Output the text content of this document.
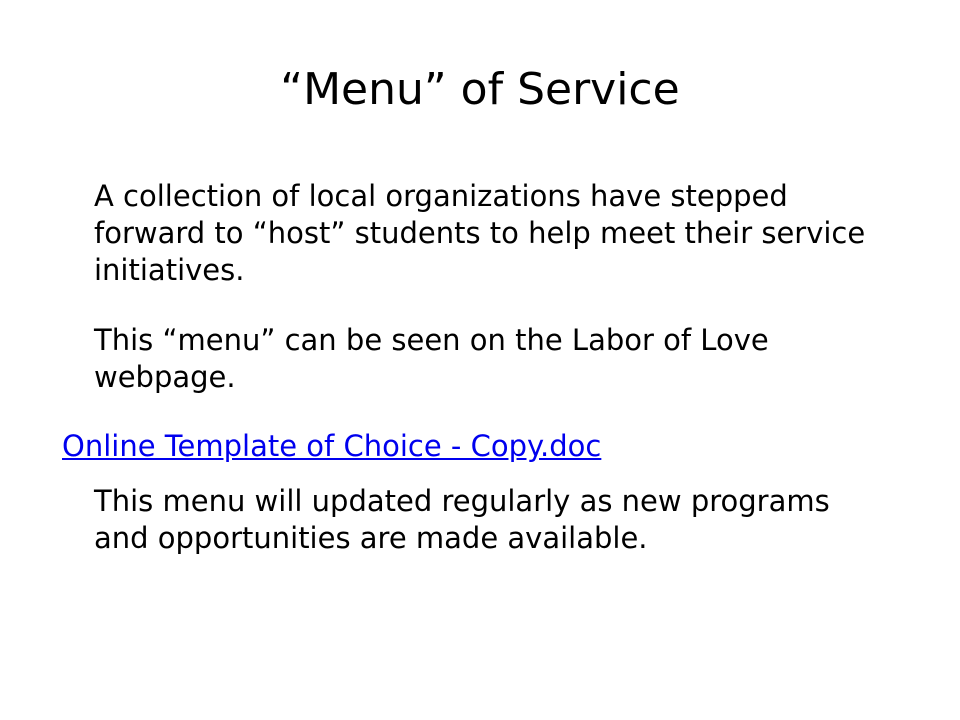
“Menu” of Service

A collection of local organizations have stepped forward to “host” students to help meet their service initiatives.

This “menu” can be seen on the Labor of Love webpage.

Online Template of Choice - Copy.doc

This menu will updated regularly as new programs and opportunities are made available.
